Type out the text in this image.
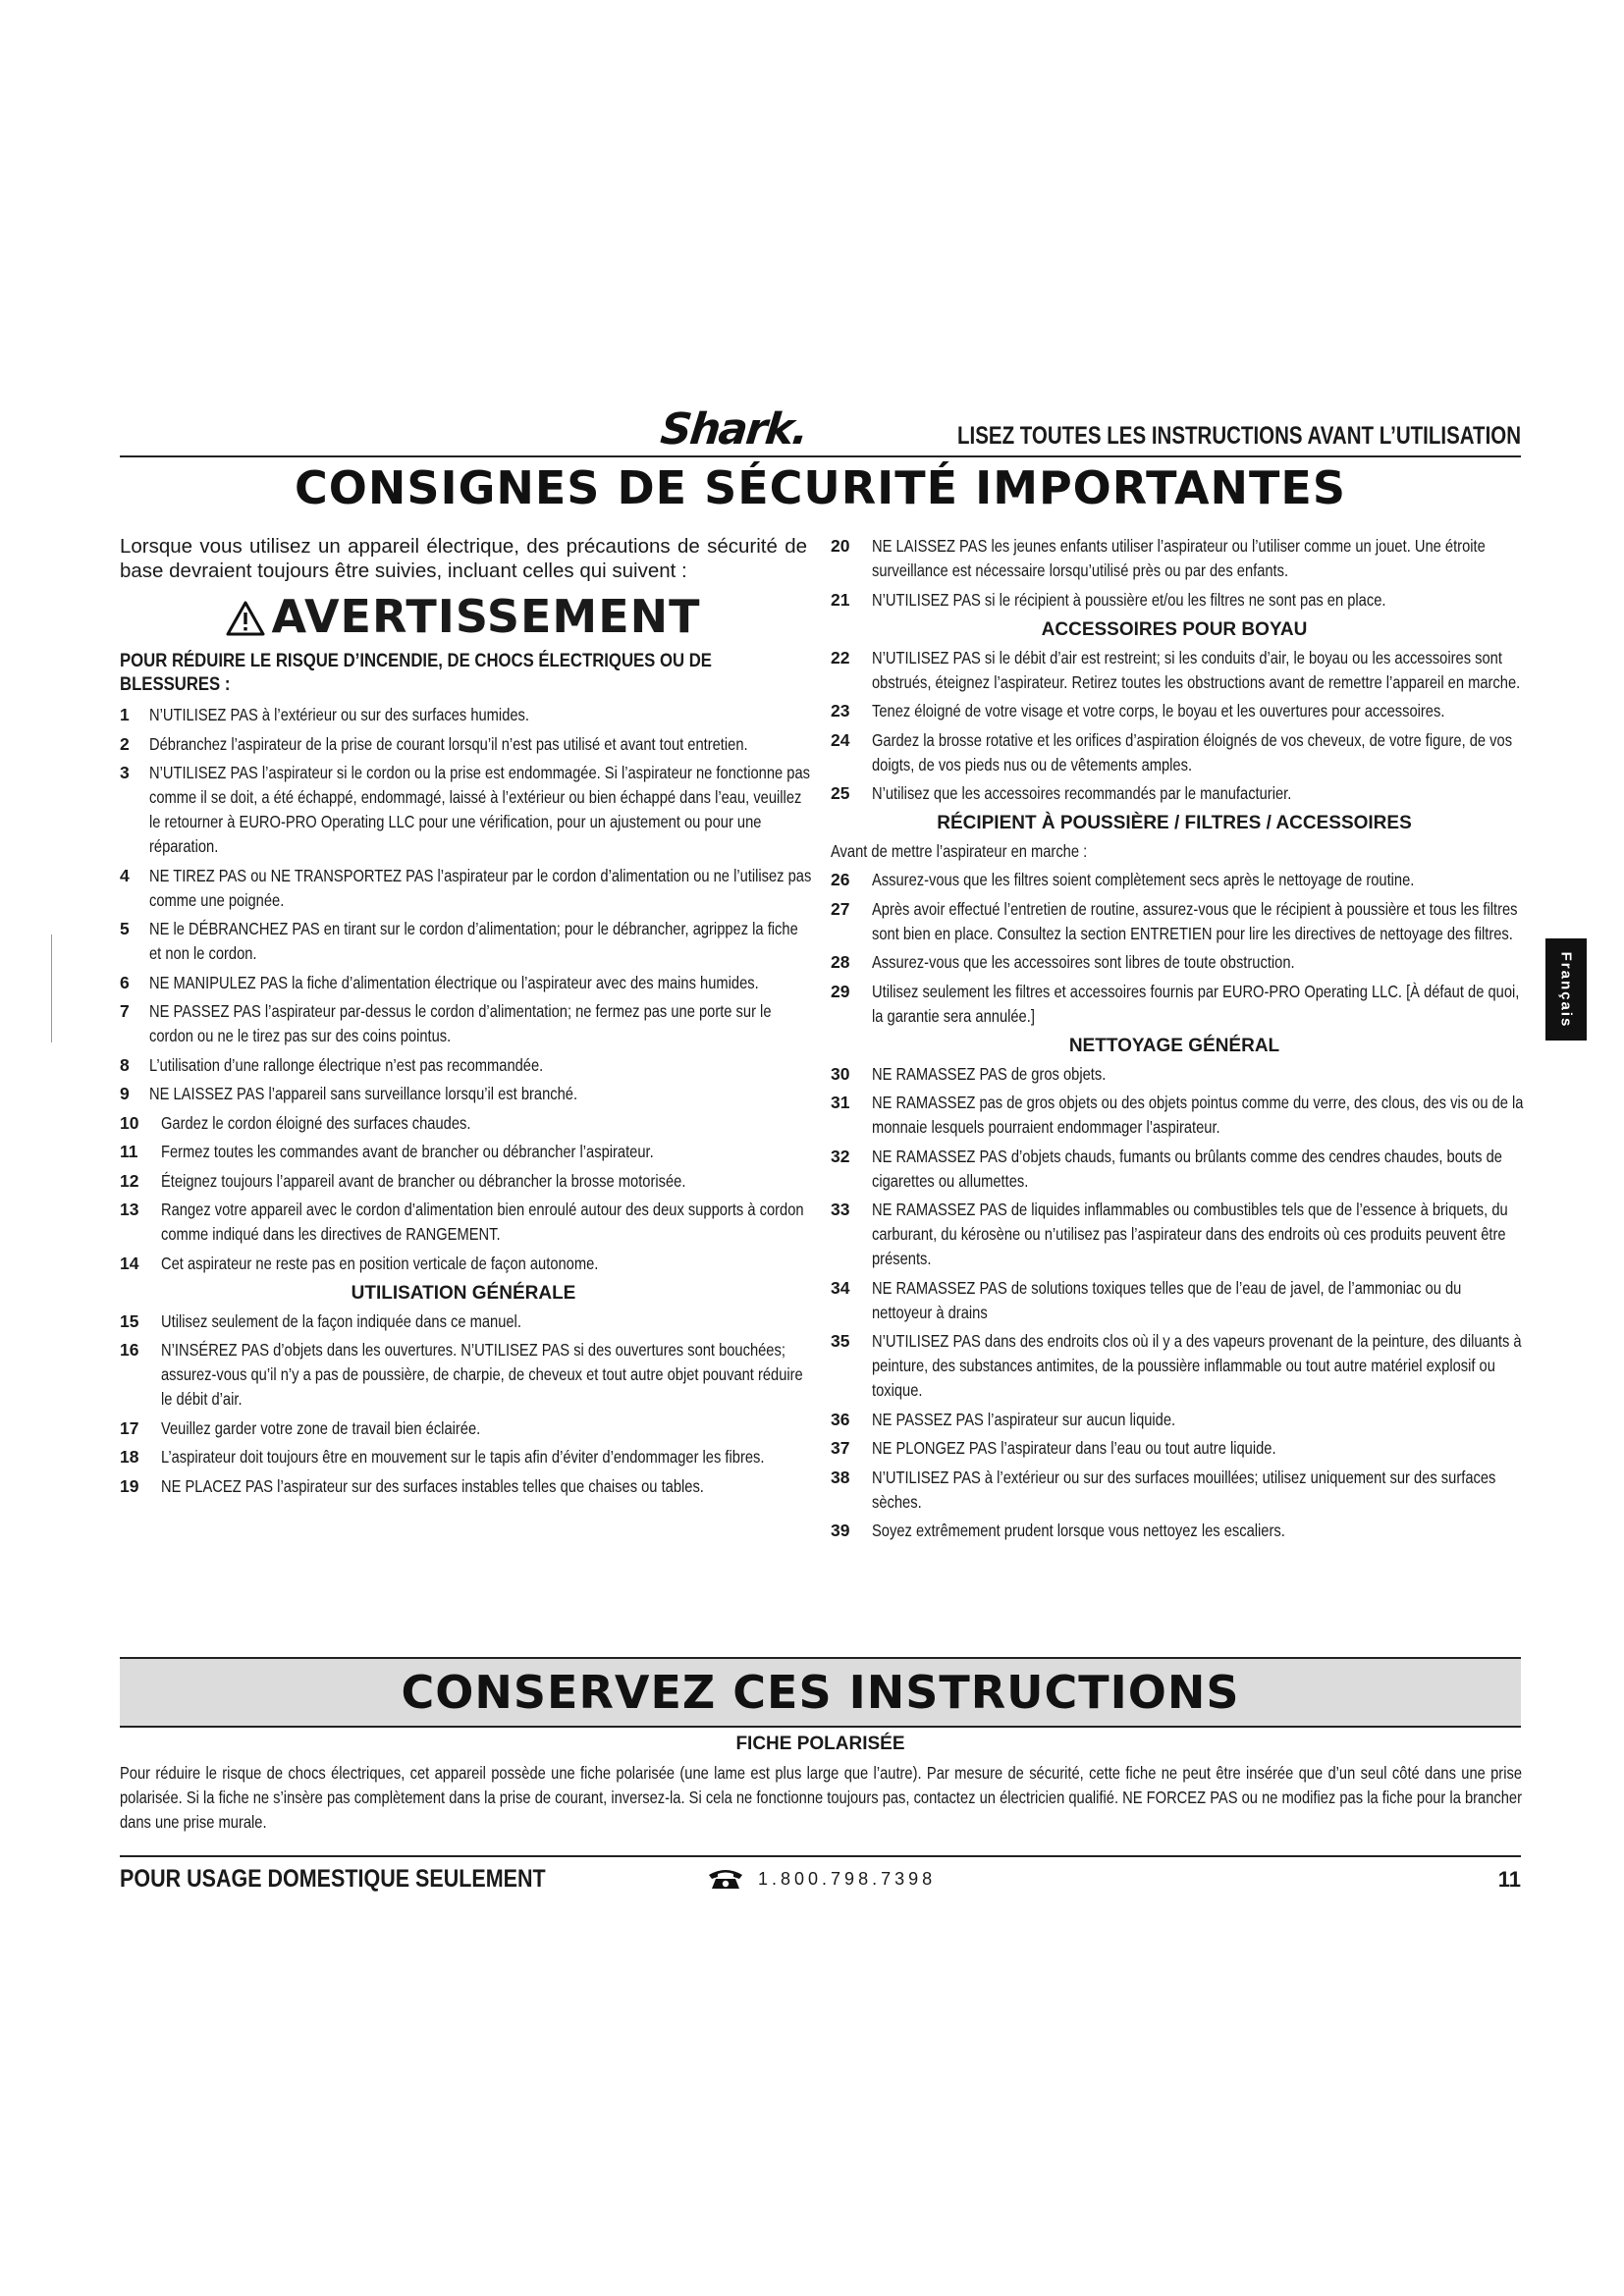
Shark.	LISEZ TOUTES LES INSTRUCTIONS AVANT L’UTILISATION
CONSIGNES DE SÉCURITÉ IMPORTANTES

Lorsque vous utilisez un appareil électrique, des précautions de sécurité de base devraient toujours être suivies, incluant celles qui suivent :

AVERTISSEMENT
POUR RÉDUIRE LE RISQUE D’INCENDIE, DE CHOCS ÉLECTRIQUES OU DE BLESSURES :
1	N’UTILISEZ PAS à l’extérieur ou sur des surfaces humides.
2	Débranchez l’aspirateur de la prise de courant lorsqu’il n’est pas utilisé et avant tout entretien.
3	N’UTILISEZ PAS l’aspirateur si le cordon ou la prise est endommagée. Si l’aspirateur ne fonctionne pas comme il se doit, a été échappé, endommagé, laissé à l’extérieur ou bien échappé dans l’eau, veuillez le retourner à EURO-PRO Operating LLC pour une vérification, pour un ajustement ou pour une réparation.
4	NE TIREZ PAS ou NE TRANSPORTEZ PAS l’aspirateur par le cordon d’alimentation ou ne l’utilisez pas comme une poignée.
5	NE le DÉBRANCHEZ PAS en tirant sur le cordon d’alimentation; pour le débrancher, agrippez la fiche et non le cordon.
6	NE MANIPULEZ PAS la fiche d’alimentation électrique ou l’aspirateur avec des mains humides.
7	NE PASSEZ PAS l’aspirateur par-dessus le cordon d’alimentation; ne fermez pas une porte sur le cordon ou ne le tirez pas sur des coins pointus.
8	L’utilisation d’une rallonge électrique n’est pas recommandée.
9	NE LAISSEZ PAS l’appareil sans surveillance lorsqu’il est branché.
10	Gardez le cordon éloigné des surfaces chaudes.
11	Fermez toutes les commandes avant de brancher ou débrancher l’aspirateur.
12	Éteignez toujours l’appareil avant de brancher ou débrancher la brosse motorisée.
13	Rangez votre appareil avec le cordon d’alimentation bien enroulé autour des deux supports à cordon comme indiqué dans les directives de RANGEMENT.
14	Cet aspirateur ne reste pas en position verticale de façon autonome.
UTILISATION GÉNÉRALE
15	Utilisez seulement de la façon indiquée dans ce manuel.
16	N’INSÉREZ PAS d’objets dans les ouvertures. N’UTILISEZ PAS si des ouvertures sont bouchées; assurez-vous qu’il n’y a pas de poussière, de charpie, de cheveux et tout autre objet pouvant réduire le débit d’air.
17	Veuillez garder votre zone de travail bien éclairée.
18	L’aspirateur doit toujours être en mouvement sur le tapis afin d’éviter d’endommager les fibres.
19	NE PLACEZ PAS l’aspirateur sur des surfaces instables telles que chaises ou tables.
20	NE LAISSEZ PAS les jeunes enfants utiliser l’aspirateur ou l’utiliser comme un jouet. Une étroite surveillance est nécessaire lorsqu’utilisé près ou par des enfants.
21	N’UTILISEZ PAS si le récipient à poussière et/ou les filtres ne sont pas en place.
ACCESSOIRES POUR BOYAU
22	N’UTILISEZ PAS si le débit d’air est restreint; si les conduits d’air, le boyau ou les accessoires sont obstrués, éteignez l’aspirateur. Retirez toutes les obstructions avant de remettre l’appareil en marche.
23	Tenez éloigné de votre visage et votre corps, le boyau et les ouvertures pour accessoires.
24	Gardez la brosse rotative et les orifices d’aspiration éloignés de vos cheveux, de votre figure, de vos doigts, de vos pieds nus ou de vêtements amples.
25	N’utilisez que les accessoires recommandés par le manufacturier.
RÉCIPIENT À POUSSIÈRE / FILTRES / ACCESSOIRES
Avant de mettre l’aspirateur en marche :
26	Assurez-vous que les filtres soient complètement secs après le nettoyage de routine.
27	Après avoir effectué l’entretien de routine, assurez-vous que le récipient à poussière et tous les filtres sont bien en place. Consultez la section ENTRETIEN pour lire les directives de nettoyage des filtres.
28	Assurez-vous que les accessoires sont libres de toute obstruction.
29	Utilisez seulement les filtres et accessoires fournis par EURO-PRO Operating LLC. [À défaut de quoi, la garantie sera annulée.]
NETTOYAGE GÉNÉRAL
30	NE RAMASSEZ PAS de gros objets.
31	NE RAMASSEZ pas de gros objets ou des objets pointus comme du verre, des clous, des vis ou de la monnaie lesquels pourraient endommager l’aspirateur.
32	NE RAMASSEZ PAS d’objets chauds, fumants ou brûlants comme des cendres chaudes, bouts de cigarettes ou allumettes.
33	NE RAMASSEZ PAS de liquides inflammables ou combustibles tels que de l’essence à briquets, du carburant, du kérosène ou n’utilisez pas l’aspirateur dans des endroits où ces produits peuvent être présents.
34	NE RAMASSEZ PAS de solutions toxiques telles que de l’eau de javel, de l’ammoniac ou du nettoyeur à drains
35	N’UTILISEZ PAS dans des endroits clos où il y a des vapeurs provenant de la peinture, des diluants à peinture, des substances antimites, de la poussière inflammable ou tout autre matériel explosif ou toxique.
36	NE PASSEZ PAS l’aspirateur sur aucun liquide.
37	NE PLONGEZ PAS l’aspirateur dans l’eau ou tout autre liquide.
38	N’UTILISEZ PAS à l’extérieur ou sur des surfaces mouillées; utilisez uniquement sur des surfaces sèches.
39	Soyez extrêmement prudent lorsque vous nettoyez les escaliers.
CONSERVEZ CES INSTRUCTIONS
FICHE POLARISÉE
Pour réduire le risque de chocs électriques, cet appareil possède une fiche polarisée (une lame est plus large que l’autre). Par mesure de sécurité, cette fiche ne peut être insérée que d’un seul côté dans une prise polarisée. Si la fiche ne s’insère pas complètement dans la prise de courant, inversez-la. Si cela ne fonctionne toujours pas, contactez un électricien qualifié. NE FORCEZ PAS ou ne modifiez pas la fiche pour la brancher dans une prise murale.
POUR USAGE DOMESTIQUE SEULEMENT	1.800.798.7398	11
Français
